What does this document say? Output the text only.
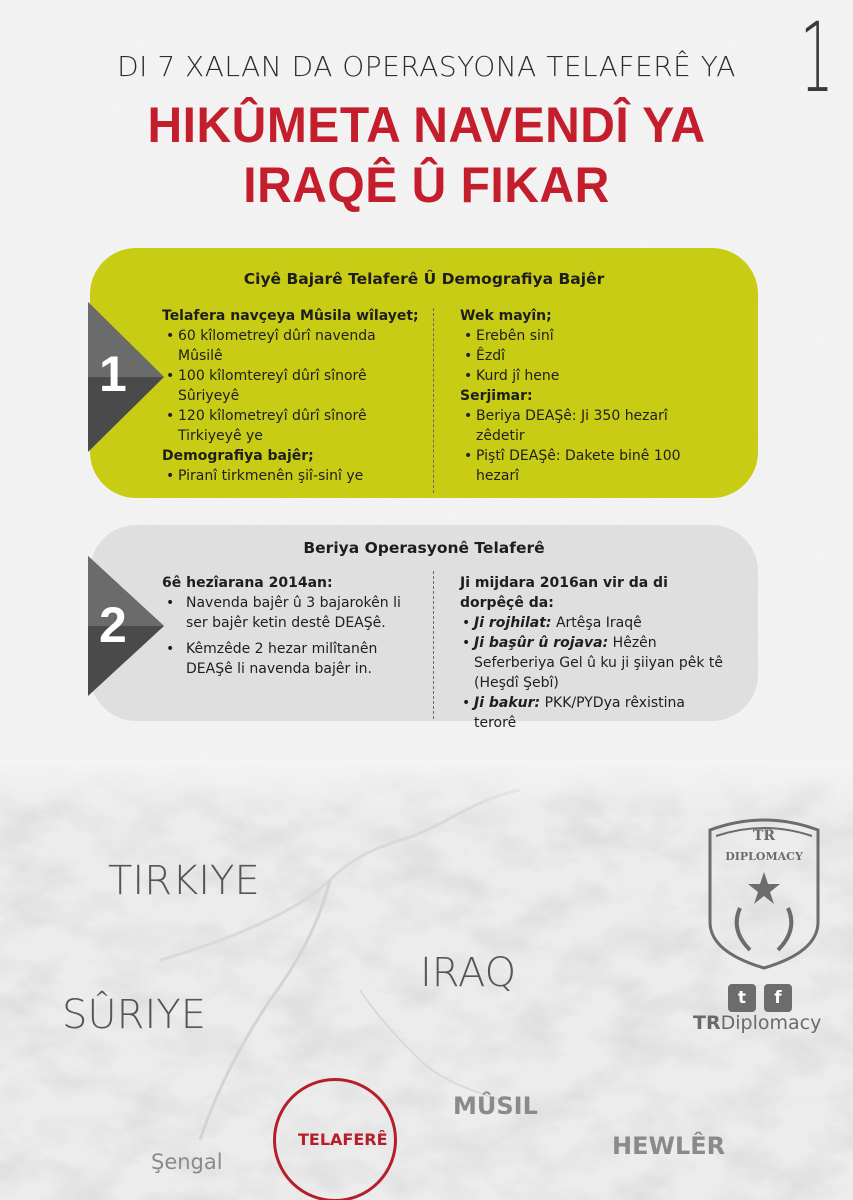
1
DI 7 XALAN DA OPERASYONA TELAFERÊ YA
HIKÛMETA NAVENDÎ YA
IRAQÊ Û FIKAR
Ciyê Bajarê Telaferê Û Demografiya Bajêr
Telafera navçeya Mûsila wîlayet;
• 60 kîlometreyî dûrî navenda Mûsilê
• 100 kîlomtereyî dûrî sînorê Sûriyeyê
• 120 kîlometreyî dûrî sînorê Tirkiyeyê ye
Demografiya bajêr;
• Piranî tirkmenên şiî-sinî ye
Wek mayîn;
• Erebên sinî
• Êzdî
• Kurd jî hene
Serjimar:
• Beriya DEAŞê: Ji 350 hezarî zêdetir
• Piştî DEAŞê: Dakete binê 100 hezarî
1
Beriya Operasyonê Telaferê
6ê hezîarana 2014an:
• Navenda bajêr û 3 bajarokên li ser bajêr ketin destê DEAŞê.
• Kêmzêde 2 hezar milîtanên DEAŞê li navenda bajêr in.
Ji mijdara 2016an vir da di dorpêçê da:
• Ji rojhilat: Artêşa Iraqê
• Ji başûr û rojava: Hêzên Seferberiya Gel û ku ji şiiyan pêk tê (Heşdî Şebî)
• Ji bakur: PKK/PYDya rêxistina terorê
2
TIRKIYE
SÛRIYE
IRAQ
MÛSIL
HEWLÊR
Şengal
TELAFERÊ
TR
DIPLOMACY
t	f
TRDiplomacy
